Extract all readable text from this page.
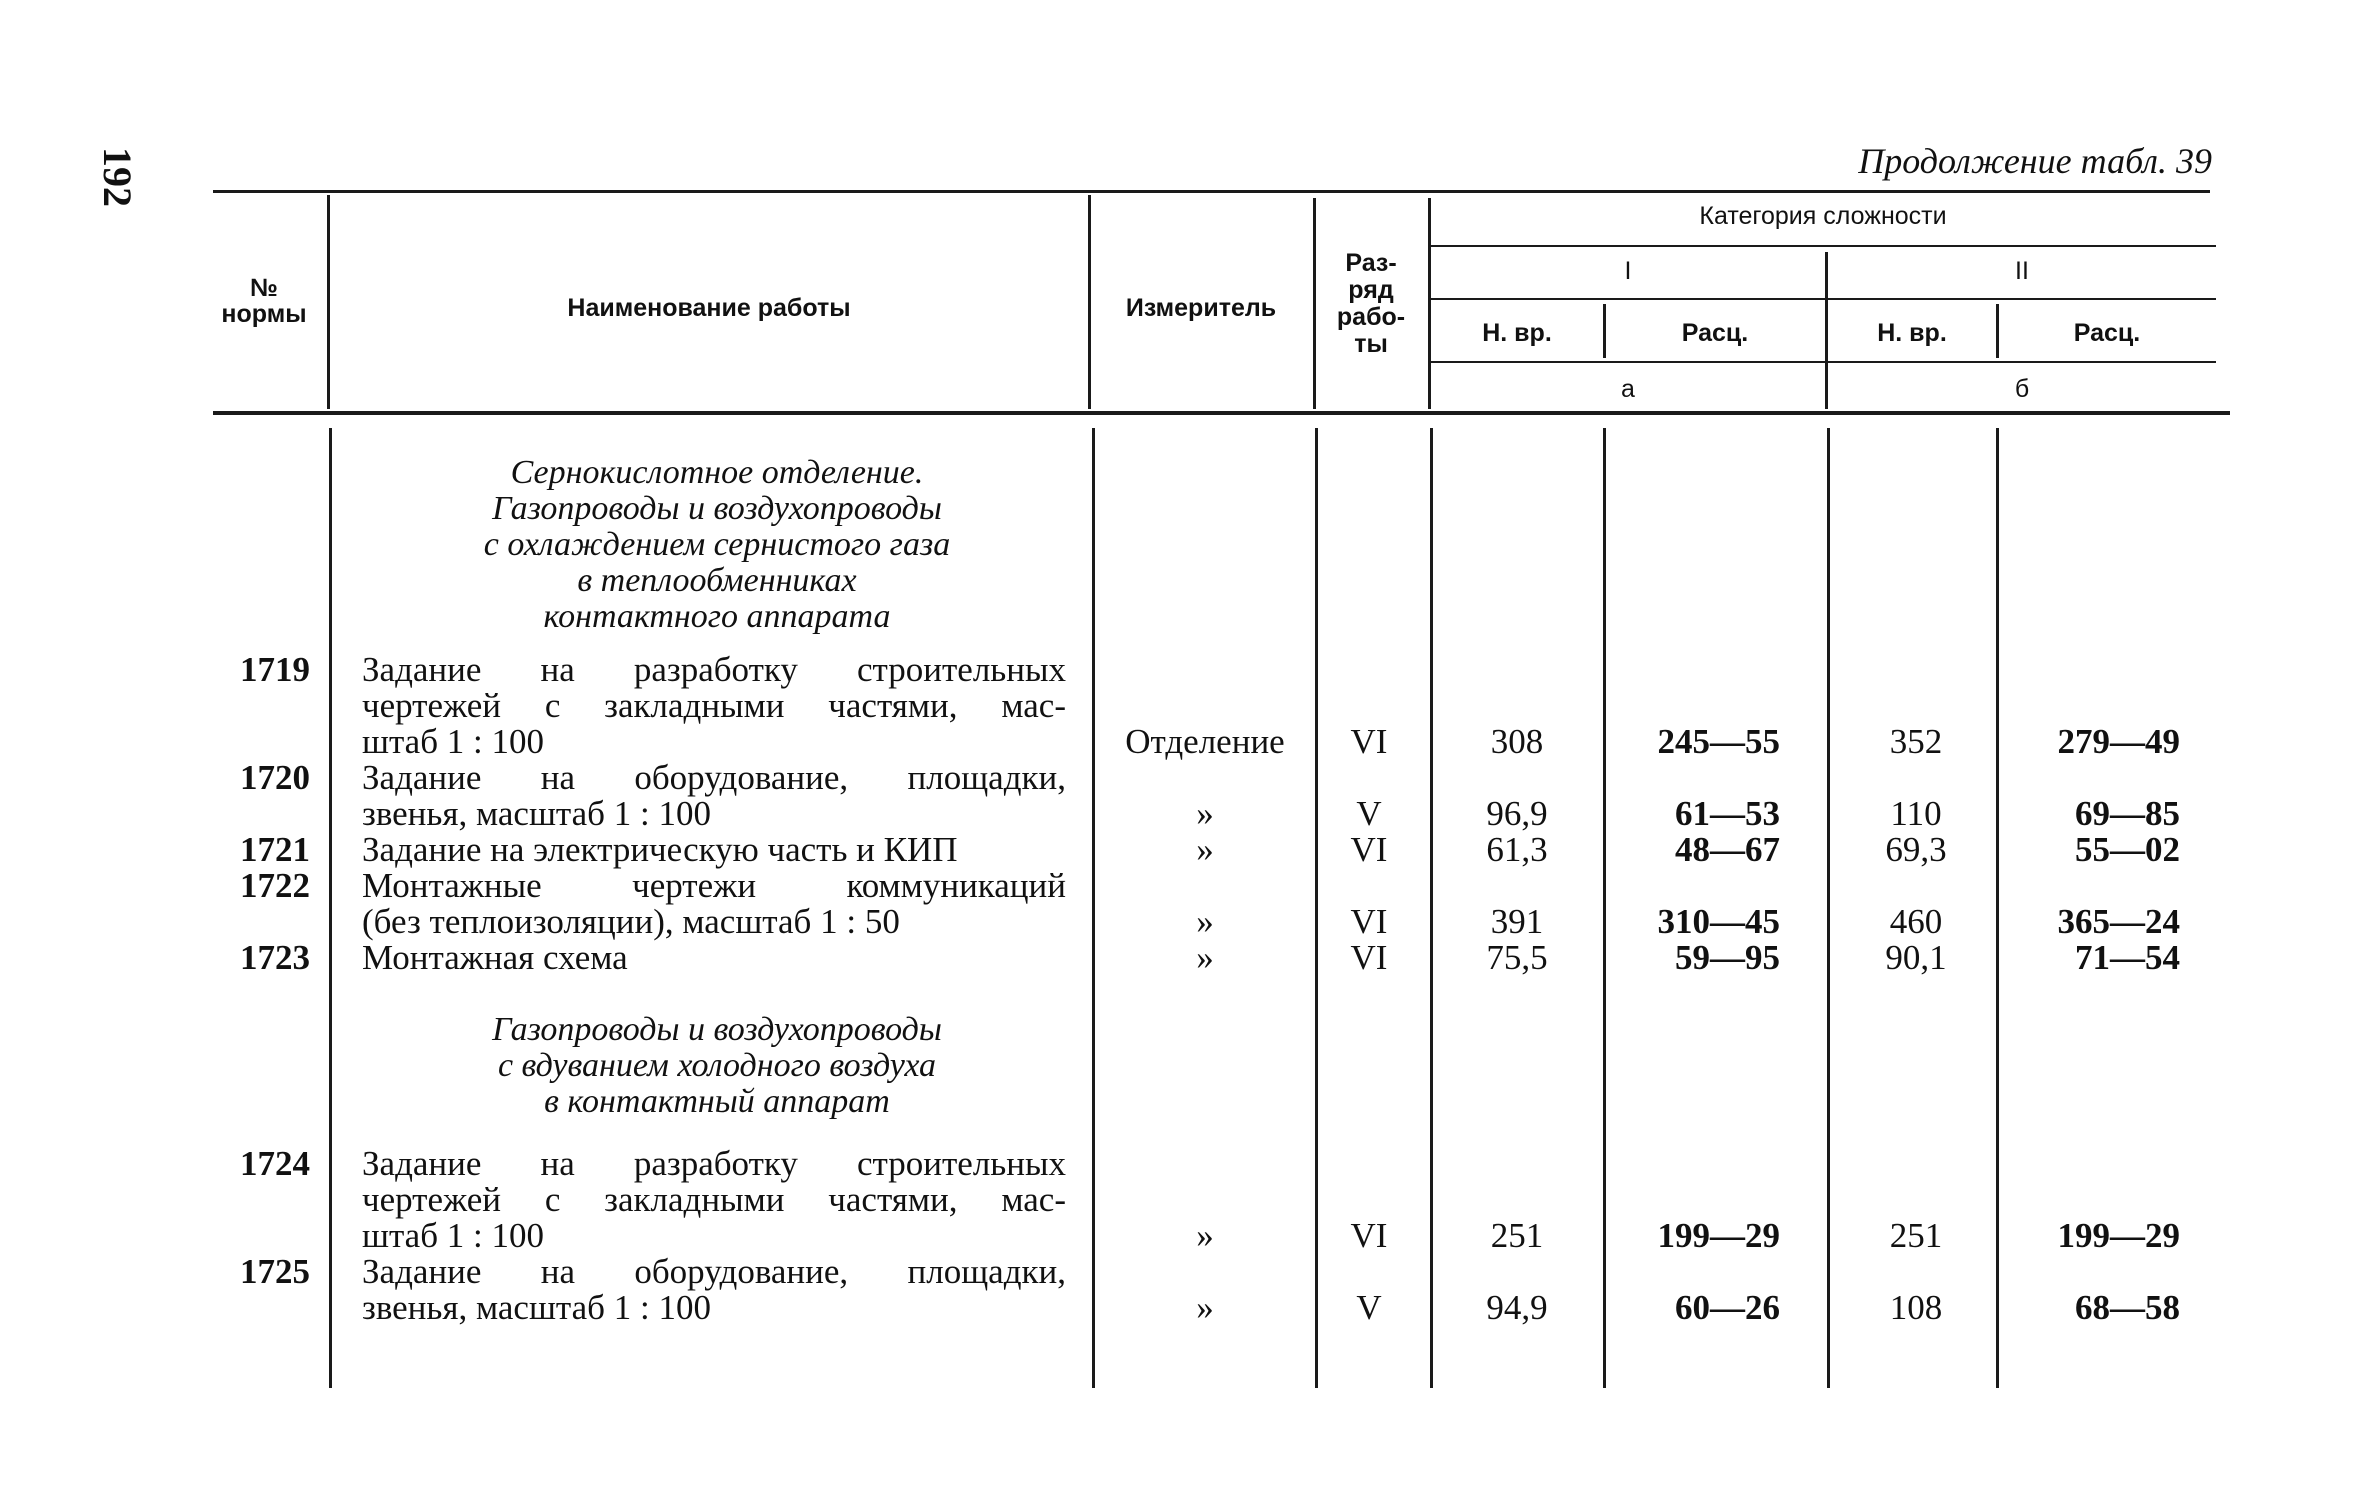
192	Продолжение табл. 39
№ нормы	Наименование работы	Измеритель
Раз-
ряд
рабо-
ты
Категория сложности
I	II
Н. вр.	Расц.	Н. вр.	Расц.
а	б
Сернокислотное отделение.
Газопроводы и воздухопроводы
с охлаждением сернистого газа
в теплообменниках
контактного аппарата
1719 Задание на разработку строительных
чертежей с закладными частями, мас-
штаб 1 : 100	Отделение	VI	308	245—55	352	279—49
1720 Задание на оборудование, площадки,
звенья, масштаб 1 : 100	»	V	96,9	61—53	110	69—85
1721 Задание на электрическую часть и КИП	»	VI	61,3	48—67	69,3	55—02
1722 Монтажные чертежи коммуникаций
(без теплоизоляции), масштаб 1 : 50	»	VI	391	310—45	460	365—24
1723 Монтажная схема	»	VI	75,5	59—95	90,1	71—54
Газопроводы и воздухопроводы
с вдуванием холодного воздуха
в контактный аппарат
1724 Задание на разработку строительных
чертежей с закладными частями, мас-
штаб 1 : 100	»	VI	251	199—29	251	199—29
1725 Задание на оборудование, площадки,
звенья, масштаб 1 : 100	»	V	94,9	60—26	108	68—58
